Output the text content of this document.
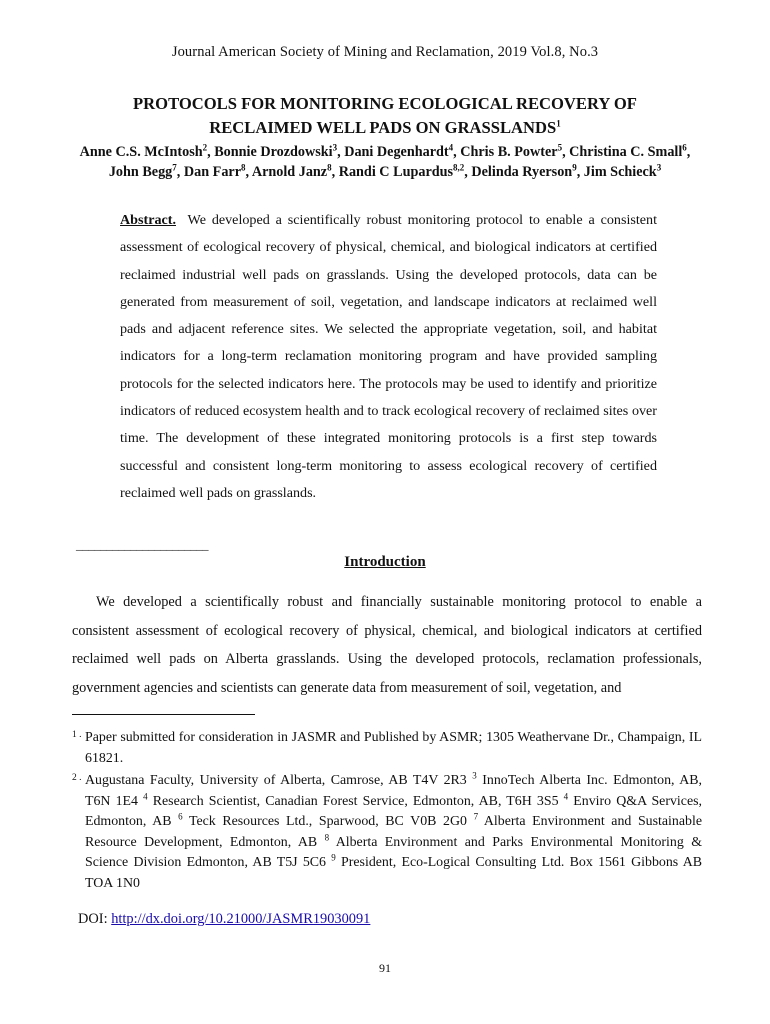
Journal American Society of Mining and Reclamation, 2019 Vol.8, No.3
PROTOCOLS FOR MONITORING ECOLOGICAL RECOVERY OF
RECLAIMED WELL PADS ON GRASSLANDS$^1$
Anne C.S. McIntosh$^2$, Bonnie Drozdowski$^3$, Dani Degenhardt$^4$, Chris B. Powter$^5$, Christina C. Small$^6$, John Begg$^7$, Dan Farr$^8$, Arnold Janz$^8$, Randi C Lupardus$^{8,2}$, Delinda Ryerson$^9$, Jim Schieck$^3$
Abstract. We developed a scientifically robust monitoring protocol to enable a consistent assessment of ecological recovery of physical, chemical, and biological indicators at certified reclaimed industrial well pads on grasslands. Using the developed protocols, data can be generated from measurement of soil, vegetation, and landscape indicators at reclaimed well pads and adjacent reference sites. We selected the appropriate vegetation, soil, and habitat indicators for a long-term reclamation monitoring program and have provided sampling protocols for the selected indicators here. The protocols may be used to identify and prioritize indicators of reduced ecosystem health and to track ecological recovery of reclaimed sites over time. The development of these integrated monitoring protocols is a first step towards successful and consistent long-term monitoring to assess ecological recovery of certified reclaimed well pads on grasslands.
______________________
Introduction
We developed a scientifically robust and financially sustainable monitoring protocol to enable a consistent assessment of ecological recovery of physical, chemical, and biological indicators at certified reclaimed well pads on Alberta grasslands. Using the developed protocols, reclamation professionals, government agencies and scientists can generate data from measurement of soil, vegetation, and
1 . Paper submitted for consideration in JASMR and Published by ASMR; 1305 Weathervane Dr., Champaign, IL 61821.
2 . Augustana Faculty, University of Alberta, Camrose, AB T4V 2R3 $^3$ InnoTech Alberta Inc. Edmonton, AB, T6N 1E4 $^4$ Research Scientist, Canadian Forest Service, Edmonton, AB, T6H 3S5 $^4$ Enviro Q&A Services, Edmonton, AB $^6$ Teck Resources Ltd., Sparwood, BC V0B 2G0 $^7$ Alberta Environment and Sustainable Resource Development, Edmonton, AB $^8$ Alberta Environment and Parks Environmental Monitoring & Science Division Edmonton, AB T5J 5C6 $^9$ President, Eco-Logical Consulting Ltd. Box 1561 Gibbons AB TOA 1N0
DOI: http://dx.doi.org/10.21000/JASMR19030091
91
